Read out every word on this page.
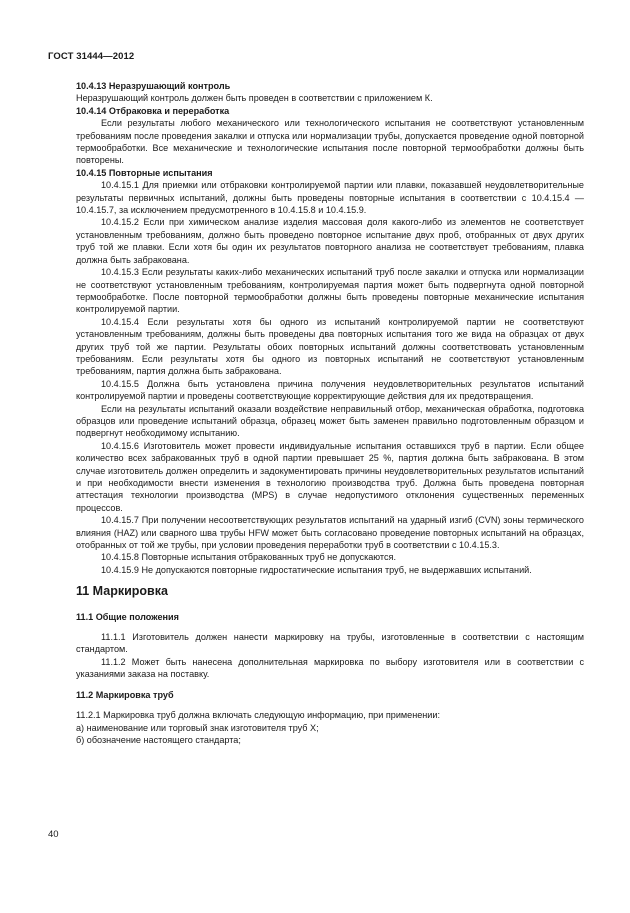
ГОСТ 31444—2012

10.4.13 Неразрушающий контроль

Неразрушающий контроль должен быть проведен в соответствии с приложением К.

10.4.14 Отбраковка и переработка

Если результаты любого механического или технологического испытания не соответствуют установленным требованиям после проведения закалки и отпуска или нормализации трубы, допускается проведение одной повторной термообработки. Все механические и технологические испытания после повторной термообработки должны быть повторены.

10.4.15 Повторные испытания

10.4.15.1 Для приемки или отбраковки контролируемой партии или плавки, показавшей неудовлетворительные результаты первичных испытаний, должны быть проведены повторные испытания в соответствии с 10.4.15.4 — 10.4.15.7, за исключением предусмотренного в 10.4.15.8 и 10.4.15.9.

10.4.15.2 Если при химическом анализе изделия массовая доля какого-либо из элементов не соответствует установленным требованиям, должно быть проведено повторное испытание двух проб, отобранных от двух других труб той же плавки. Если хотя бы один их результатов повторного анализа не соответствует требованиям, плавка должна быть забракована.

10.4.15.3 Если результаты каких-либо механических испытаний труб после закалки и отпуска или нормализации не соответствуют установленным требованиям, контролируемая партия может быть подвергнута одной повторной термообработке. После повторной термообработки должны быть проведены повторные механические испытания контролируемой партии.

10.4.15.4 Если результаты хотя бы одного из испытаний контролируемой партии не соответствуют установленным требованиям, должны быть проведены два повторных испытания того же вида на образцах от двух других труб той же партии. Результаты обоих повторных испытаний должны соответствовать установленным требованиям. Если результаты хотя бы одного из повторных испытаний не соответствуют установленным требованиям, партия должна быть забракована.

10.4.15.5 Должна быть установлена причина получения неудовлетворительных результатов испытаний контролируемой партии и проведены соответствующие корректирующие действия для их предотвращения.

Если на результаты испытаний оказали воздействие неправильный отбор, механическая обработка, подготовка образцов или проведение испытаний образца, образец может быть заменен правильно подготовленным образцом и подвергнут необходимому испытанию.

10.4.15.6 Изготовитель может провести индивидуальные испытания оставшихся труб в партии. Если общее количество всех забракованных труб в одной партии превышает 25 %, партия должна быть забракована. В этом случае изготовитель должен определить и задокументировать причины неудовлетворительных результатов испытаний и при необходимости внести изменения в технологию производства труб. Должна быть проведена повторная аттестация технологии производства (MPS) в случае недопустимого отклонения существенных переменных процессов.

10.4.15.7 При получении несоответствующих результатов испытаний на ударный изгиб (CVN) зоны термического влияния (HAZ) или сварного шва трубы HFW может быть согласовано проведение повторных испытаний на образцах, отобранных от той же трубы, при условии проведения переработки труб в соответствии с 10.4.15.3.

10.4.15.8 Повторные испытания отбракованных труб не допускаются.

10.4.15.9 Не допускаются повторные гидростатические испытания труб, не выдержавших испытаний.

11 Маркировка

11.1 Общие положения

11.1.1 Изготовитель должен нанести маркировку на трубы, изготовленные в соответствии с настоящим стандартом.

11.1.2 Может быть нанесена дополнительная маркировка по выбору изготовителя или в соответствии с указаниями заказа на поставку.

11.2 Маркировка труб

11.2.1 Маркировка труб должна включать следующую информацию, при применении:

а) наименование или торговый знак изготовителя труб X;

б) обозначение настоящего стандарта;

40
